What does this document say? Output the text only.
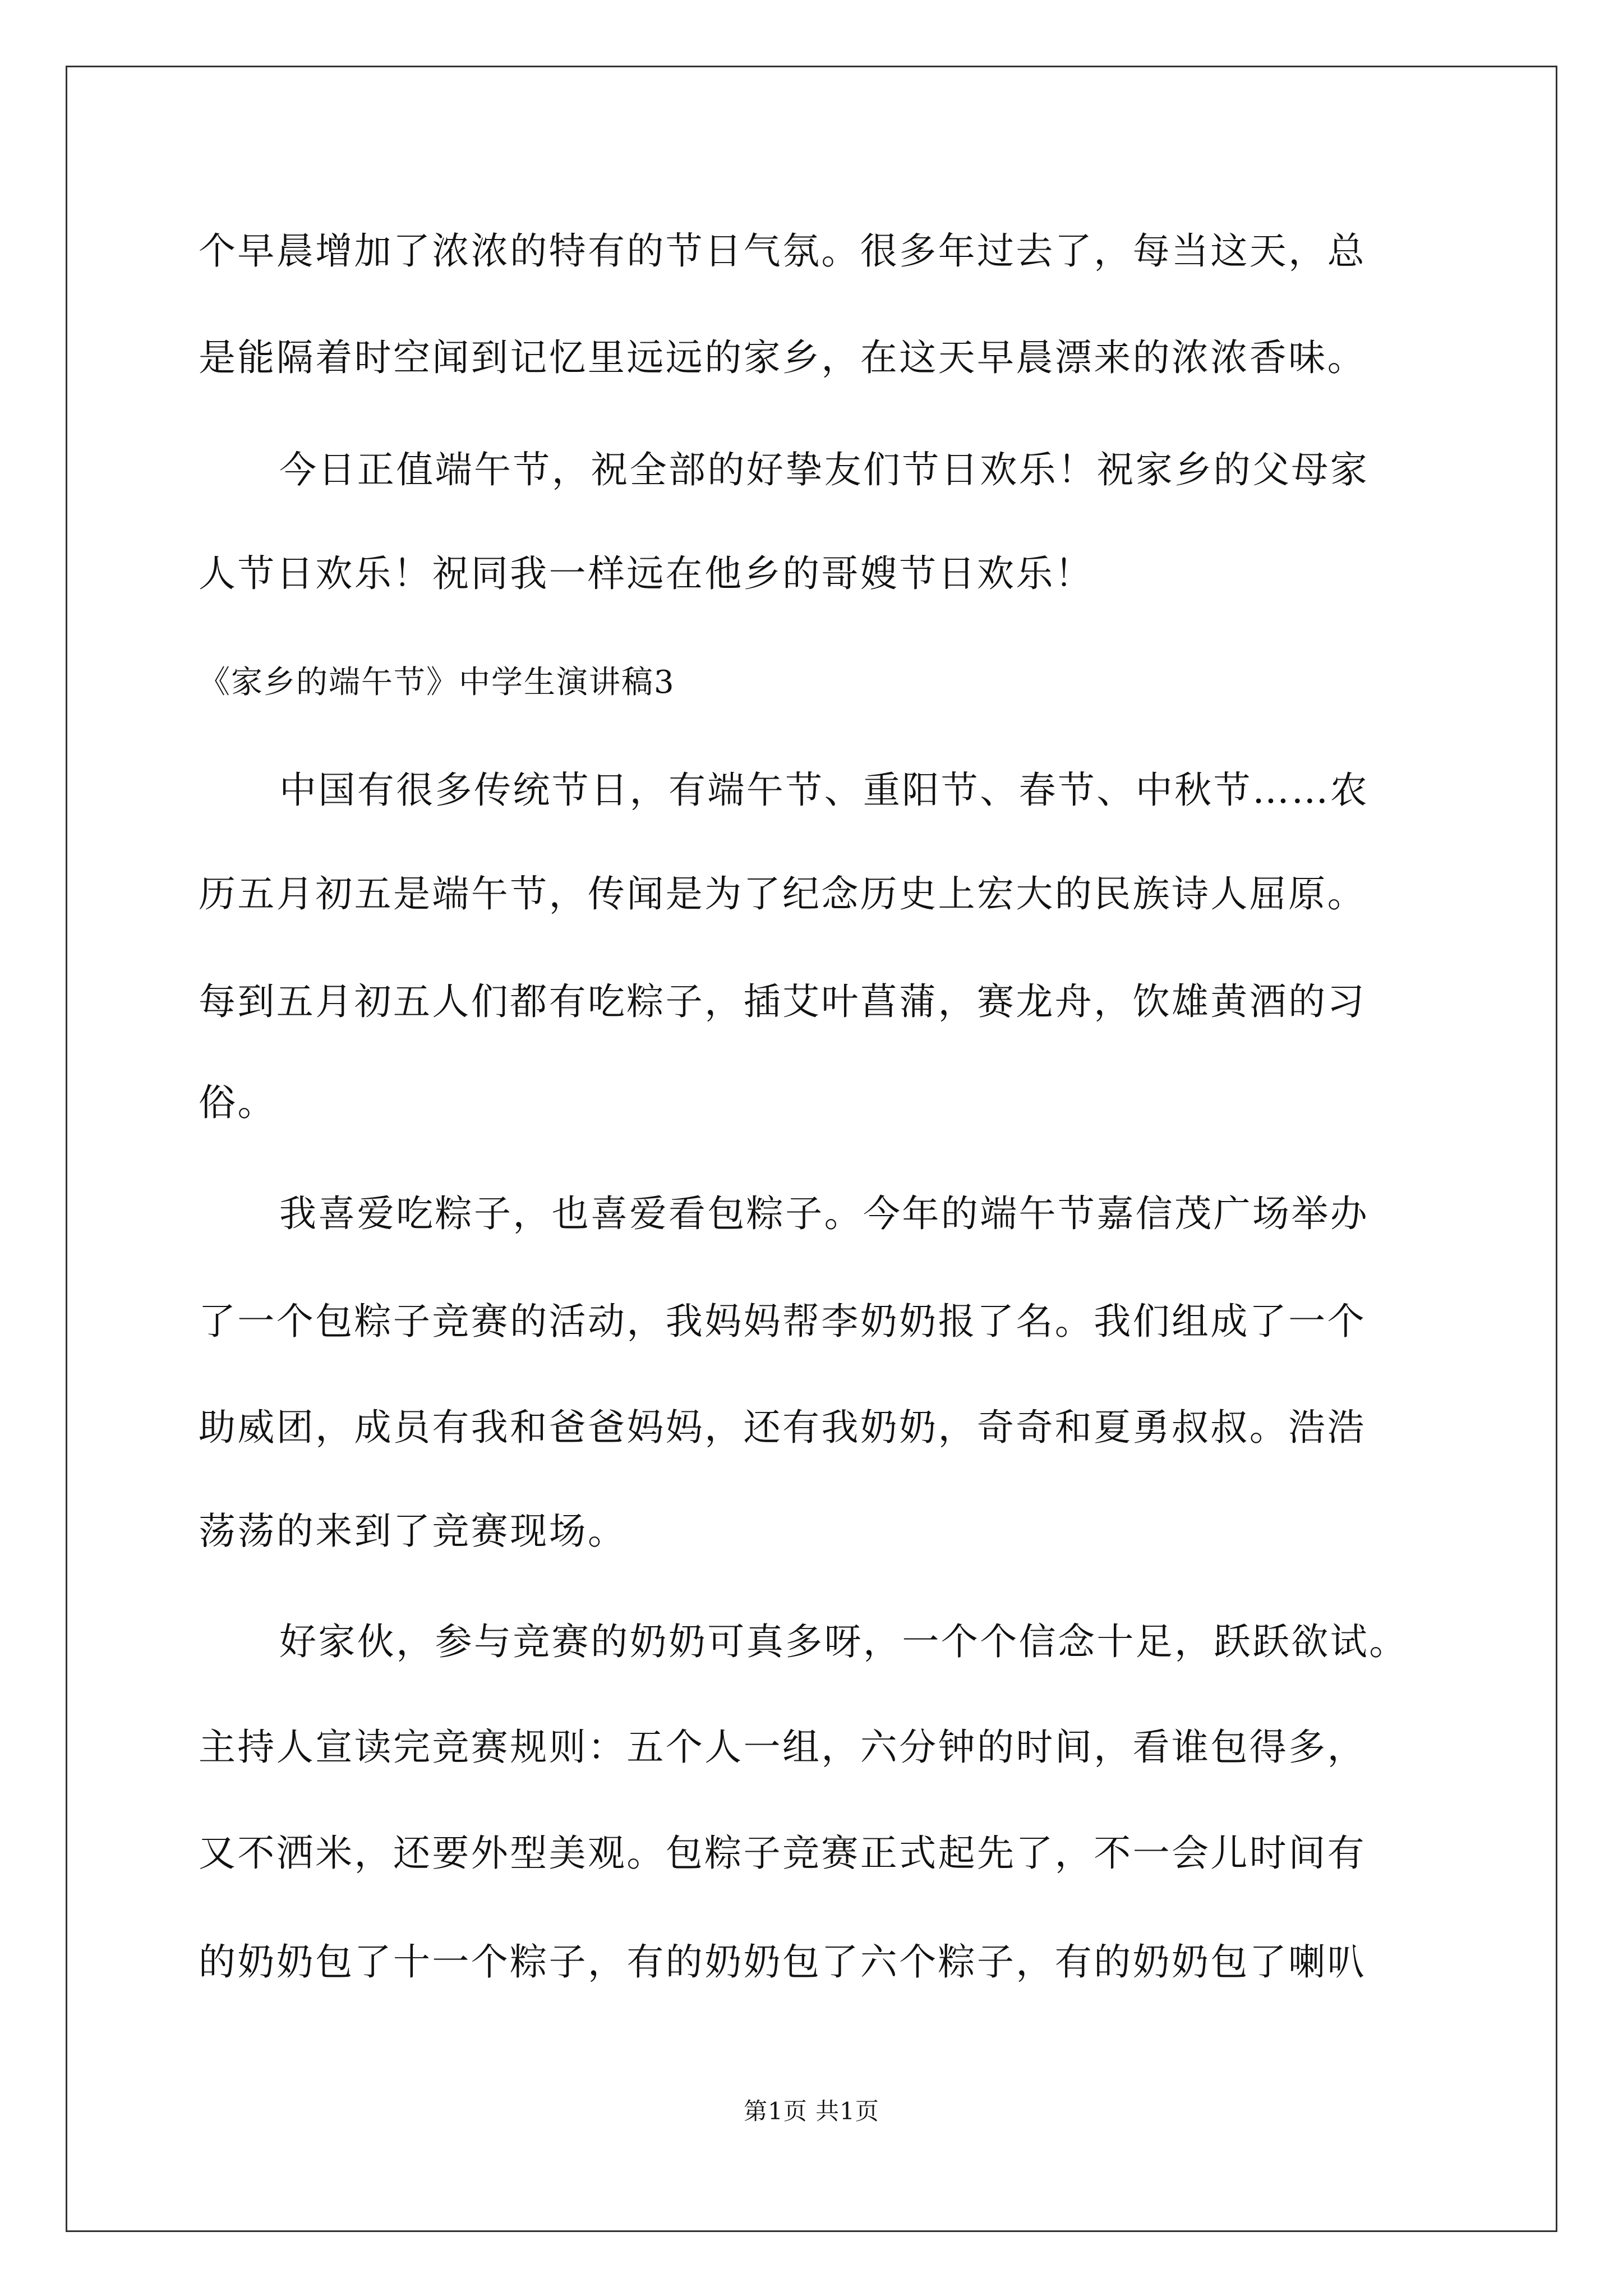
个早晨增加了浓浓的特有的节日气氛。很多年过去了，每当这天，总
是能隔着时空闻到记忆里远远的家乡，在这天早晨漂来的浓浓香味。
今日正值端午节，祝全部的好挚友们节日欢乐！祝家乡的父母家
人节日欢乐！祝同我一样远在他乡的哥嫂节日欢乐！
《家乡的端午节》中学生演讲稿3
中国有很多传统节日，有端午节、重阳节、春节、中秋节……农
历五月初五是端午节，传闻是为了纪念历史上宏大的民族诗人屈原。
每到五月初五人们都有吃粽子，插艾叶菖蒲，赛龙舟，饮雄黄酒的习
俗。
我喜爱吃粽子，也喜爱看包粽子。今年的端午节嘉信茂广场举办
了一个包粽子竞赛的活动，我妈妈帮李奶奶报了名。我们组成了一个
助威团，成员有我和爸爸妈妈，还有我奶奶，奇奇和夏勇叔叔。浩浩
荡荡的来到了竞赛现场。
好家伙，参与竞赛的奶奶可真多呀，一个个信念十足，跃跃欲试。
主持人宣读完竞赛规则：五个人一组，六分钟的时间，看谁包得多，
又不洒米，还要外型美观。包粽子竞赛正式起先了，不一会儿时间有
的奶奶包了十一个粽子，有的奶奶包了六个粽子，有的奶奶包了喇叭
第1页 共1页
